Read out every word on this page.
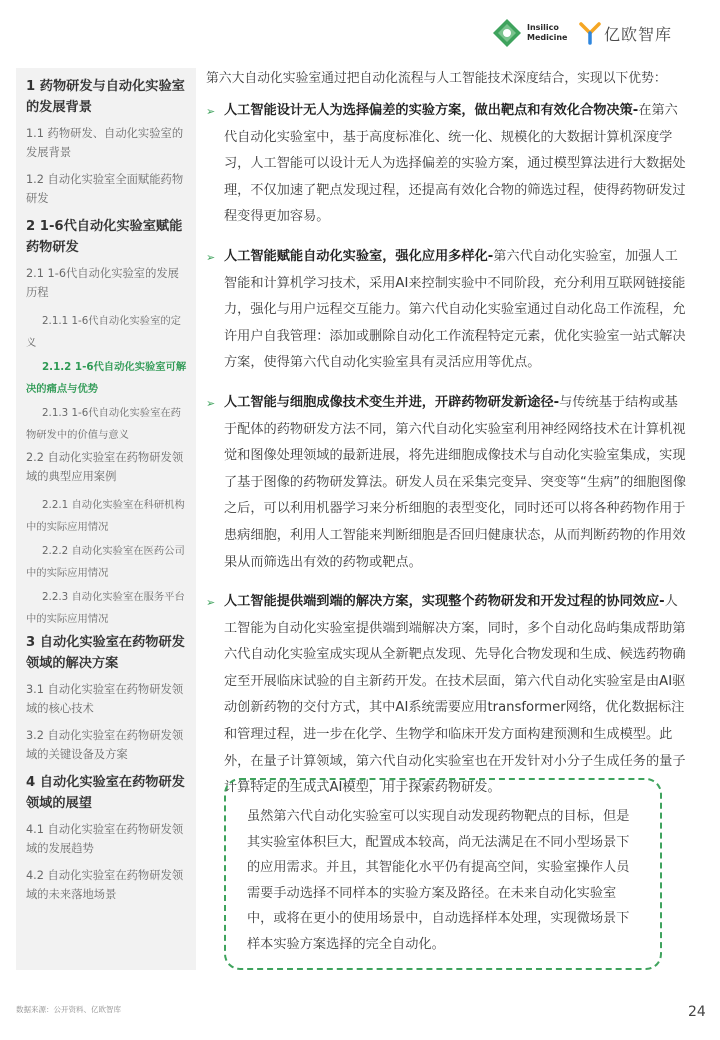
Insilico
Medicine 亿欧智库
1 药物研发与自动化实验室的发展背景
1.1 药物研发、自动化实验室的发展背景
1.2 自动化实验室全面赋能药物研发
2 1-6代自动化实验室赋能药物研发
2.1 1-6代自动化实验室的发展历程
2.1.1 1-6代自动化实验室的定义
2.1.2 1-6代自动化实验室可解决的痛点与优势
2.1.3 1-6代自动化实验室在药物研发中的价值与意义
2.2 自动化实验室在药物研发领域的典型应用案例
2.2.1 自动化实验室在科研机构中的实际应用情况
2.2.2 自动化实验室在医药公司中的实际应用情况
2.2.3 自动化实验室在服务平台中的实际应用情况
3 自动化实验室在药物研发领域的解决方案
3.1 自动化实验室在药物研发领域的核心技术
3.2 自动化实验室在药物研发领域的关键设备及方案
4 自动化实验室在药物研发领域的展望
4.1 自动化实验室在药物研发领域的发展趋势
4.2 自动化实验室在药物研发领域的未来落地场景

第六大自动化实验室通过把自动化流程与人工智能技术深度结合，实现以下优势：

➢ 人工智能设计无人为选择偏差的实验方案，做出靶点和有效化合物决策-在第六代自动化实验室中，基于高度标准化、统一化、规模化的大数据计算机深度学习，人工智能可以设计无人为选择偏差的实验方案，通过模型算法进行大数据处理，不仅加速了靶点发现过程，还提高有效化合物的筛选过程，使得药物研发过程变得更加容易。
➢ 人工智能赋能自动化实验室，强化应用多样化-第六代自动化实验室，加强人工智能和计算机学习技术，采用AI来控制实验中不同阶段，充分利用互联网链接能力，强化与用户远程交互能力。第六代自动化实验室通过自动化岛工作流程，允许用户自我管理：添加或删除自动化工作流程特定元素，优化实验室一站式解决方案，使得第六代自动化实验室具有灵活应用等优点。
➢ 人工智能与细胞成像技术变生并进，开辟药物研发新途径-与传统基于结构或基于配体的药物研发方法不同，第六代自动化实验室利用神经网络技术在计算机视觉和图像处理领域的最新进展，将先进细胞成像技术与自动化实验室集成，实现了基于图像的药物研发算法。研发人员在采集完变异、突变等“生病”的细胞图像之后，可以利用机器学习来分析细胞的表型变化，同时还可以将各种药物作用于患病细胞，利用人工智能来判断细胞是否回归健康状态，从而判断药物的作用效果从而筛选出有效的药物或靶点。
➢ 人工智能提供端到端的解决方案，实现整个药物研发和开发过程的协同效应-人工智能为自动化实验室提供端到端解决方案，同时，多个自动化岛屿集成帮助第六代自动化实验室成实现从全新靶点发现、先导化合物发现和生成、候选药物确定至开展临床试验的自主新药开发。在技术层面，第六代自动化实验室是由AI驱动创新药物的交付方式，其中AI系统需要应用transformer网络，优化数据标注和管理过程，进一步在化学、生物学和临床开发方面构建预测和生成模型。此外，在量子计算领域，第六代自动化实验室也在开发针对小分子生成任务的量子计算特定的生成式AI模型，用于探索药物研发。

虽然第六代自动化实验室可以实现自动发现药物靶点的目标，但是其实验室体积巨大，配置成本较高，尚无法满足在不同小型场景下的应用需求。并且，其智能化水平仍有提高空间，实验室操作人员需要手动选择不同样本的实验方案及路径。在未来自动化实验室中，或将在更小的使用场景中，自动选择样本处理，实现微场景下样本实验方案选择的完全自动化。

数据来源：公开资料、亿欧智库	24
